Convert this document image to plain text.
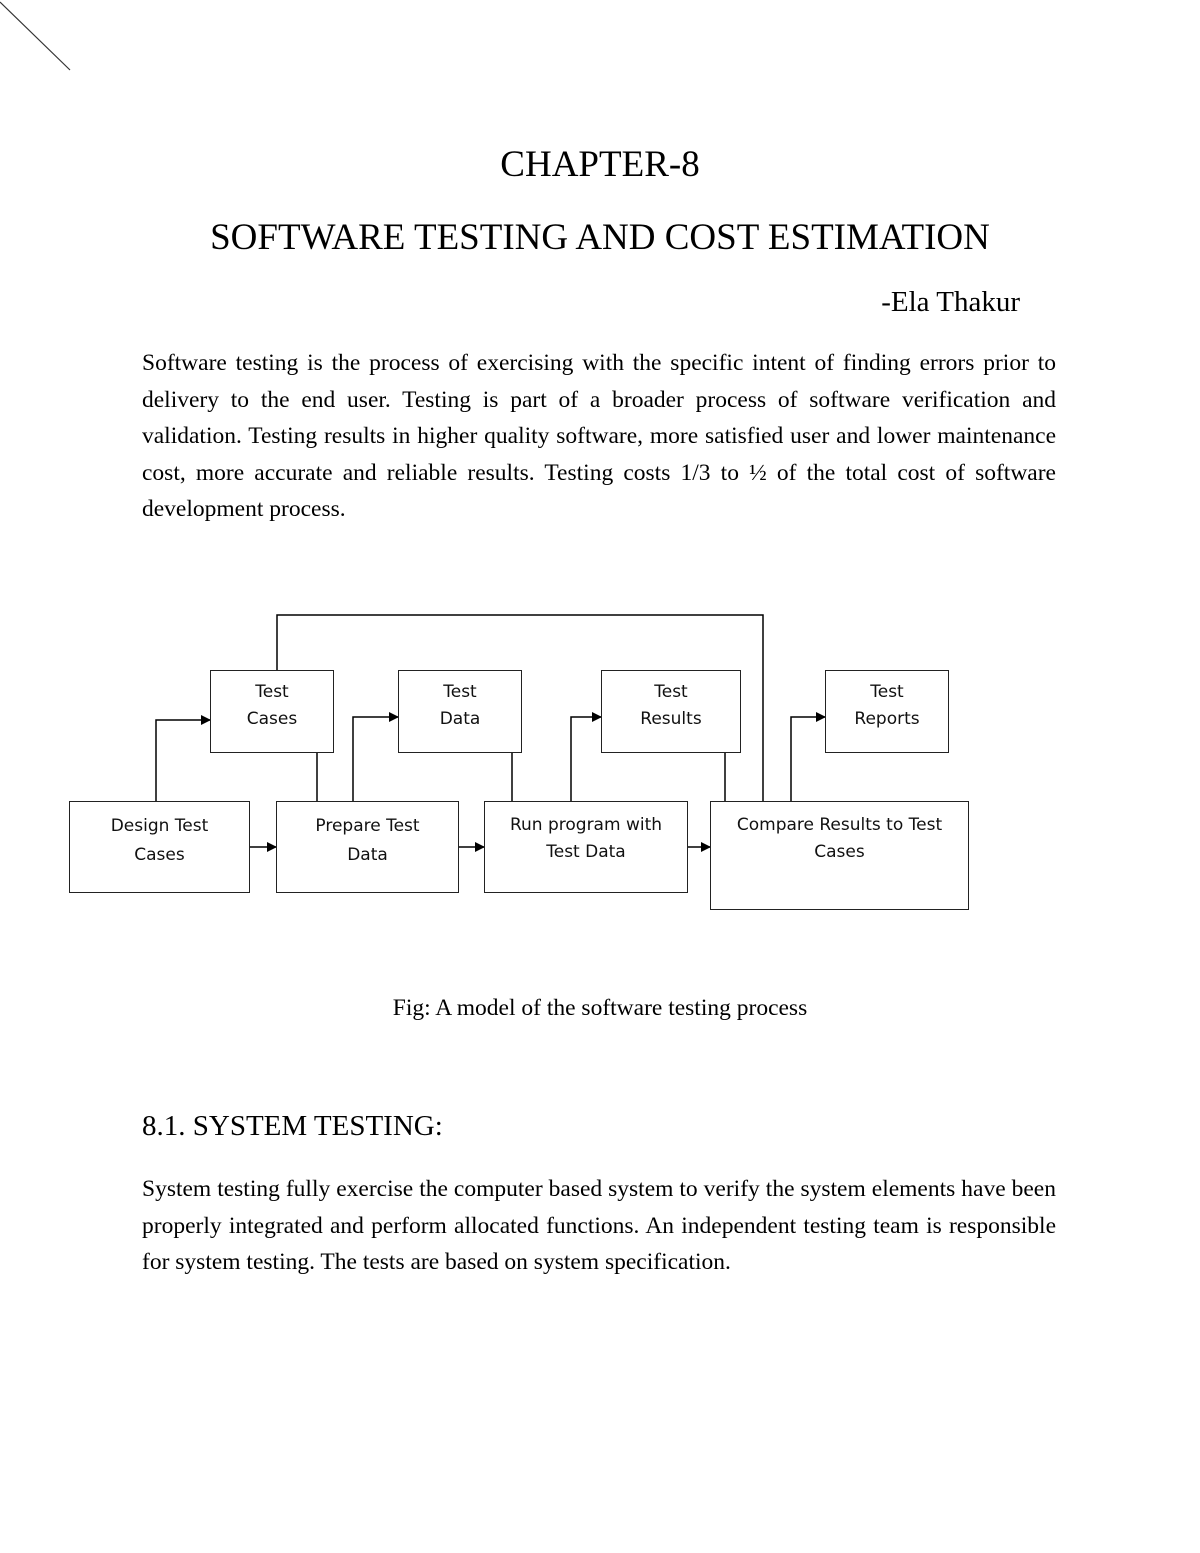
CHAPTER-8
SOFTWARE TESTING AND COST ESTIMATION
-Ela Thakur

Software testing is the process of exercising with the specific intent of finding errors prior to delivery to the end user. Testing is part of a broader process of software verification and validation. Testing results in higher quality software, more satisfied user and lower maintenance cost, more accurate and reliable results. Testing costs 1/3 to ½ of the total cost of software development process.

Test
Cases
Test
Data
Test
Results
Test
Reports
Design Test
Cases
Prepare Test
Data
Run program with
Test Data
Compare Results to Test
Cases

Fig: A model of the software testing process

8.1. SYSTEM TESTING:

System testing fully exercise the computer based system to verify the system elements have been properly integrated and perform allocated functions. An independent testing team is responsible for system testing. The tests are based on system specification.
